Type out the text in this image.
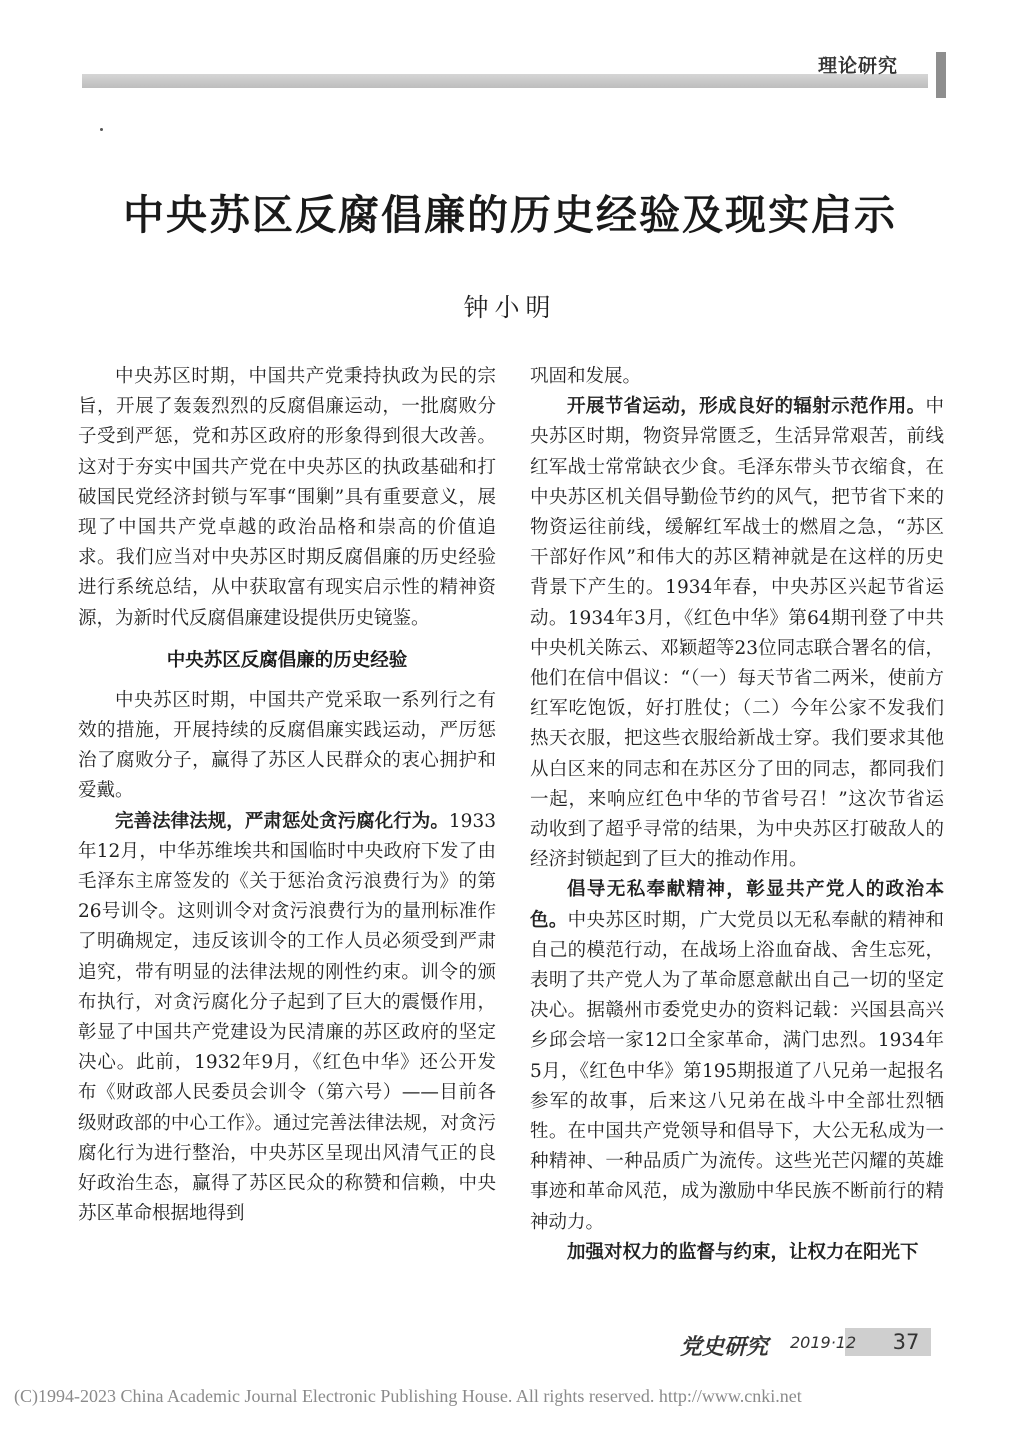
理论研究
中央苏区反腐倡廉的历史经验及现实启示
钟小明

中央苏区时期，中国共产党秉持执政为民的宗旨，开展了轰轰烈烈的反腐倡廉运动，一批腐败分子受到严惩，党和苏区政府的形象得到很大改善。这对于夯实中国共产党在中央苏区的执政基础和打破国民党经济封锁与军事“围剿”具有重要意义，展现了中国共产党卓越的政治品格和崇高的价值追求。我们应当对中央苏区时期反腐倡廉的历史经验进行系统总结，从中获取富有现实启示性的精神资源，为新时代反腐倡廉建设提供历史镜鉴。

中央苏区反腐倡廉的历史经验

中央苏区时期，中国共产党采取一系列行之有效的措施，开展持续的反腐倡廉实践运动，严厉惩治了腐败分子，赢得了苏区人民群众的衷心拥护和爱戴。

完善法律法规，严肃惩处贪污腐化行为。1933年12月，中华苏维埃共和国临时中央政府下发了由毛泽东主席签发的《关于惩治贪污浪费行为》的第26号训令。这则训令对贪污浪费行为的量刑标准作了明确规定，违反该训令的工作人员必须受到严肃追究，带有明显的法律法规的刚性约束。训令的颁布执行，对贪污腐化分子起到了巨大的震慑作用，彰显了中国共产党建设为民清廉的苏区政府的坚定决心。此前，1932年9月，《红色中华》还公开发布《财政部人民委员会训令（第六号）——目前各级财政部的中心工作》。通过完善法律法规，对贪污腐化行为进行整治，中央苏区呈现出风清气正的良好政治生态，赢得了苏区民众的称赞和信赖，中央苏区革命根据地得到

巩固和发展。

开展节省运动，形成良好的辐射示范作用。中央苏区时期，物资异常匮乏，生活异常艰苦，前线红军战士常常缺衣少食。毛泽东带头节衣缩食，在中央苏区机关倡导勤俭节约的风气，把节省下来的物资运往前线，缓解红军战士的燃眉之急，“苏区干部好作风”和伟大的苏区精神就是在这样的历史背景下产生的。1934年春，中央苏区兴起节省运动。1934年3月，《红色中华》第64期刊登了中共中央机关陈云、邓颖超等23位同志联合署名的信，他们在信中倡议：“（一）每天节省二两米，使前方红军吃饱饭，好打胜仗；（二）今年公家不发我们热天衣服，把这些衣服给新战士穿。我们要求其他从白区来的同志和在苏区分了田的同志，都同我们一起，来响应红色中华的节省号召！”这次节省运动收到了超乎寻常的结果，为中央苏区打破敌人的经济封锁起到了巨大的推动作用。

倡导无私奉献精神，彰显共产党人的政治本色。中央苏区时期，广大党员以无私奉献的精神和自己的模范行动，在战场上浴血奋战、舍生忘死，表明了共产党人为了革命愿意献出自己一切的坚定决心。据赣州市委党史办的资料记载：兴国县高兴乡邱会培一家12口全家革命，满门忠烈。1934年5月，《红色中华》第195期报道了八兄弟一起报名参军的故事，后来这八兄弟在战斗中全部壮烈牺牲。在中国共产党领导和倡导下，大公无私成为一种精神、一种品质广为流传。这些光芒闪耀的英雄事迹和革命风范，成为激励中华民族不断前行的精神动力。

加强对权力的监督与约束，让权力在阳光下

党史研究 2019·12	37
(C)1994-2023 China Academic Journal Electronic Publishing House. All rights reserved. http://www.cnki.net
